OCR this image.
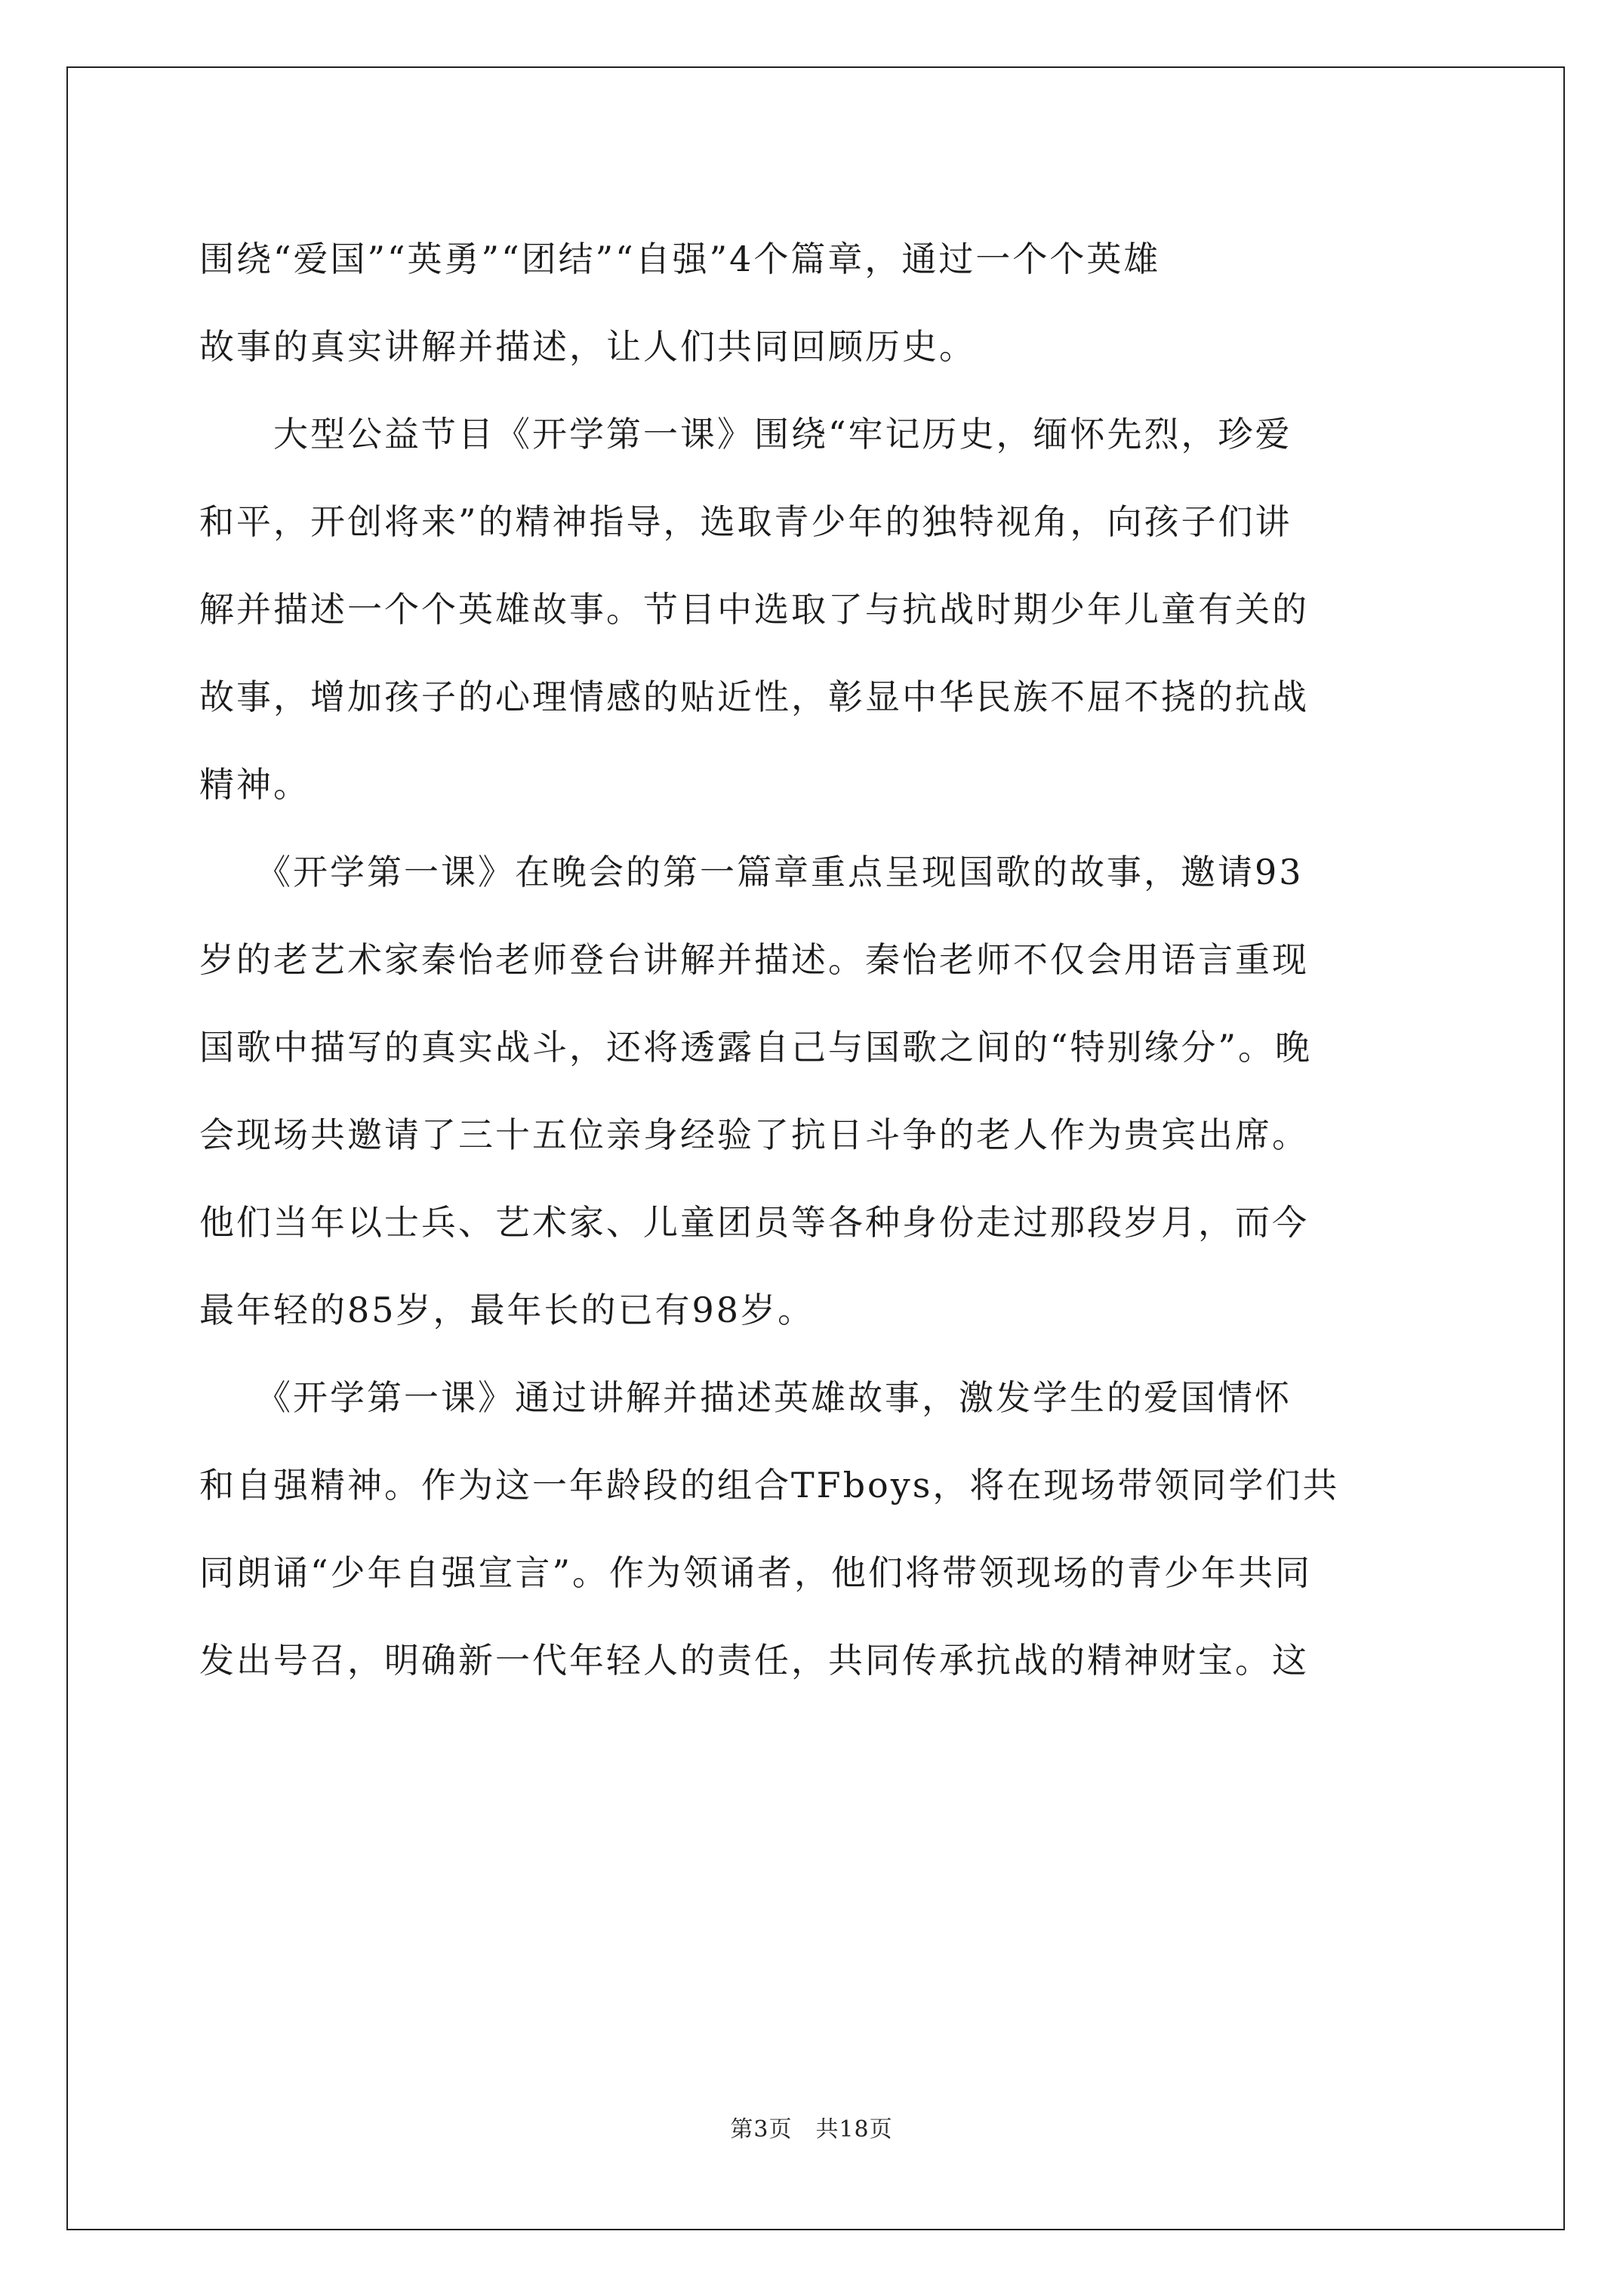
围绕“爱国”“英勇”“团结”“自强”4个篇章，通过一个个英雄
故事的真实讲解并描述，让人们共同回顾历史。

　　大型公益节目《开学第一课》围绕“牢记历史，缅怀先烈，珍爱
和平，开创将来”的精神指导，选取青少年的独特视角，向孩子们讲
解并描述一个个英雄故事。节目中选取了与抗战时期少年儿童有关的
故事，增加孩子的心理情感的贴近性，彰显中华民族不屈不挠的抗战
精神。

　　《开学第一课》在晚会的第一篇章重点呈现国歌的故事，邀请93
岁的老艺术家秦怡老师登台讲解并描述。秦怡老师不仅会用语言重现
国歌中描写的真实战斗，还将透露自己与国歌之间的“特别缘分”。晚
会现场共邀请了三十五位亲身经验了抗日斗争的老人作为贵宾出席。
他们当年以士兵、艺术家、儿童团员等各种身份走过那段岁月，而今
最年轻的85岁，最年长的已有98岁。

　　《开学第一课》通过讲解并描述英雄故事，激发学生的爱国情怀
和自强精神。作为这一年龄段的组合TFboys，将在现场带领同学们共
同朗诵“少年自强宣言”。作为领诵者，他们将带领现场的青少年共同
发出号召，明确新一代年轻人的责任，共同传承抗战的精神财宝。这

第3页　共18页
